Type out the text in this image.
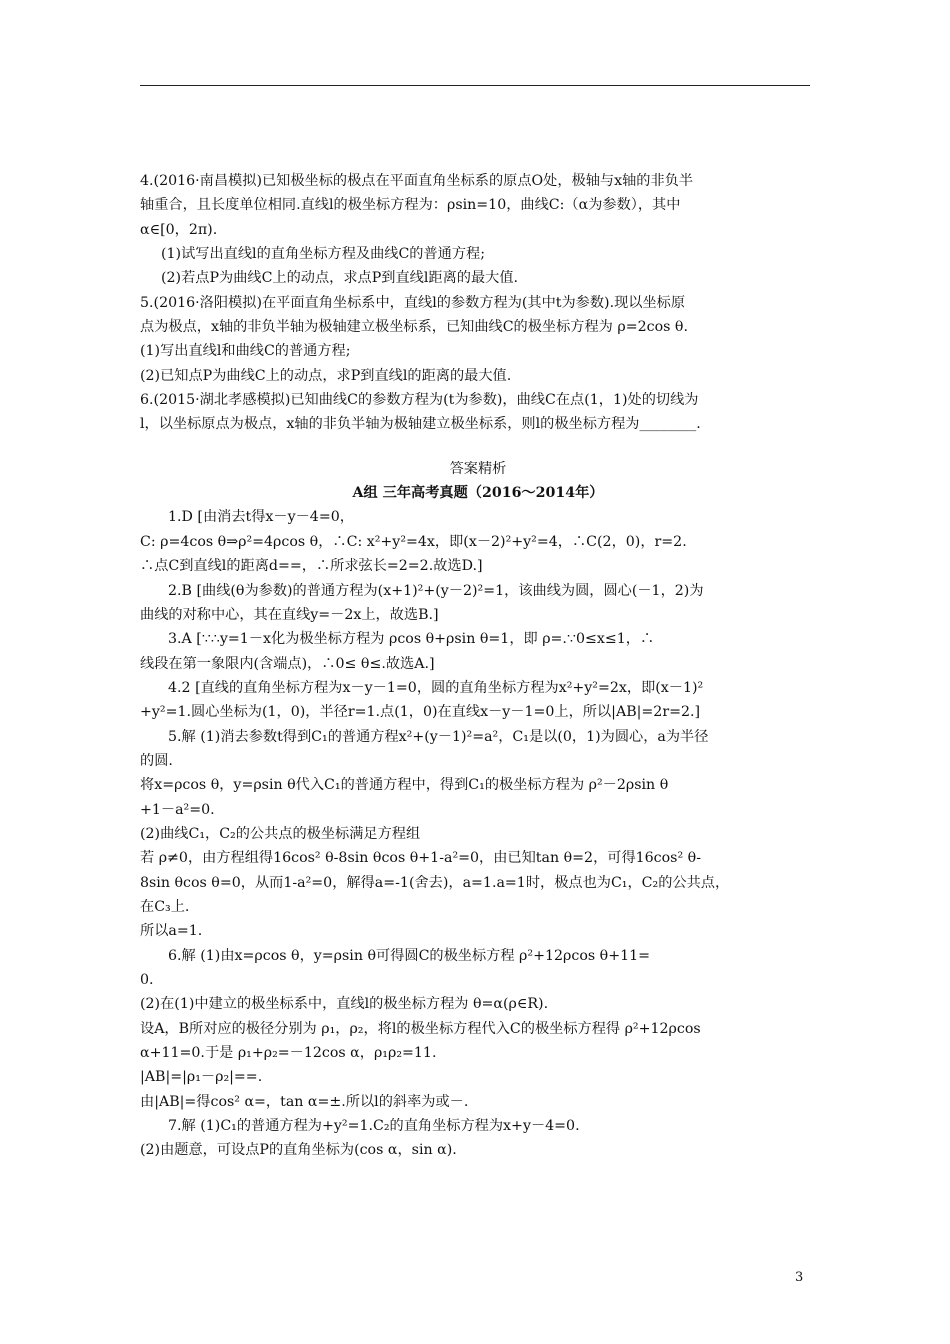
4.(2016·南昌模拟)已知极坐标的极点在平面直角坐标系的原点O处，极轴与x轴的非负半
轴重合，且长度单位相同.直线l的极坐标方程为：ρsin=10，曲线C:（α为参数），其中
α∈[0，2π).
(1)试写出直线l的直角坐标方程及曲线C的普通方程;
(2)若点P为曲线C上的动点，求点P到直线l距离的最大值.
5.(2016·洛阳模拟)在平面直角坐标系中，直线l的参数方程为(其中t为参数).现以坐标原
点为极点，x轴的非负半轴为极轴建立极坐标系，已知曲线C的极坐标方程为 ρ=2cos θ.
(1)写出直线l和曲线C的普通方程;
(2)已知点P为曲线C上的动点，求P到直线l的距离的最大值.
6.(2015·湖北孝感模拟)已知曲线C的参数方程为(t为参数)，曲线C在点(1，1)处的切线为
l，以坐标原点为极点，x轴的非负半轴为极轴建立极坐标系，则l的极坐标方程为________.
答案精析
A组 三年高考真题（2016～2014年）
1.D [由消去t得x－y－4=0，
C: ρ=4cos θ⇒ρ²=4ρcos θ，∴C: x²+y²=4x，即(x－2)²+y²=4，∴C(2，0)，r=2.
∴点C到直线l的距离d==，∴所求弦长=2=2.故选D.]
2.B [曲线(θ为参数)的普通方程为(x+1)²+(y－2)²=1，该曲线为圆，圆心(－1，2)为
曲线的对称中心，其在直线y=－2x上，故选B.]
3.A [∵∴y=1－x化为极坐标方程为 ρcos θ+ρsin θ=1，即 ρ=.∵0≤x≤1，∴
线段在第一象限内(含端点)，∴0≤ θ≤.故选A.]
4.2 [直线的直角坐标方程为x－y－1=0，圆的直角坐标方程为x²+y²=2x，即(x－1)²
+y²=1.圆心坐标为(1，0)，半径r=1.点(1，0)在直线x－y－1=0上，所以|AB|=2r=2.]
5.解 (1)消去参数t得到C₁的普通方程x²+(y－1)²=a²，C₁是以(0，1)为圆心，a为半径
的圆.
将x=ρcos θ，y=ρsin θ代入C₁的普通方程中，得到C₁的极坐标方程为 ρ²－2ρsin θ
+1－a²=0.
(2)曲线C₁，C₂的公共点的极坐标满足方程组
若 ρ≠0，由方程组得16cos² θ-8sin θcos θ+1-a²=0，由已知tan θ=2，可得16cos² θ-
8sin θcos θ=0，从而1-a²=0，解得a=-1(舍去)，a=1.a=1时，极点也为C₁，C₂的公共点，
在C₃上.
所以a=1.
6.解 (1)由x=ρcos θ，y=ρsin θ可得圆C的极坐标方程 ρ²+12ρcos θ+11=
0.
(2)在(1)中建立的极坐标系中，直线l的极坐标方程为 θ=α(ρ∈R).
设A，B所对应的极径分别为 ρ₁，ρ₂，将l的极坐标方程代入C的极坐标方程得 ρ²+12ρcos
α+11=0.于是 ρ₁+ρ₂=－12cos α，ρ₁ρ₂=11.
|AB|=|ρ₁－ρ₂|==.
由|AB|=得cos² α=，tan α=±.所以l的斜率为或－.
7.解 (1)C₁的普通方程为+y²=1.C₂的直角坐标方程为x+y－4=0.
(2)由题意，可设点P的直角坐标为(cos α，sin α).
3
